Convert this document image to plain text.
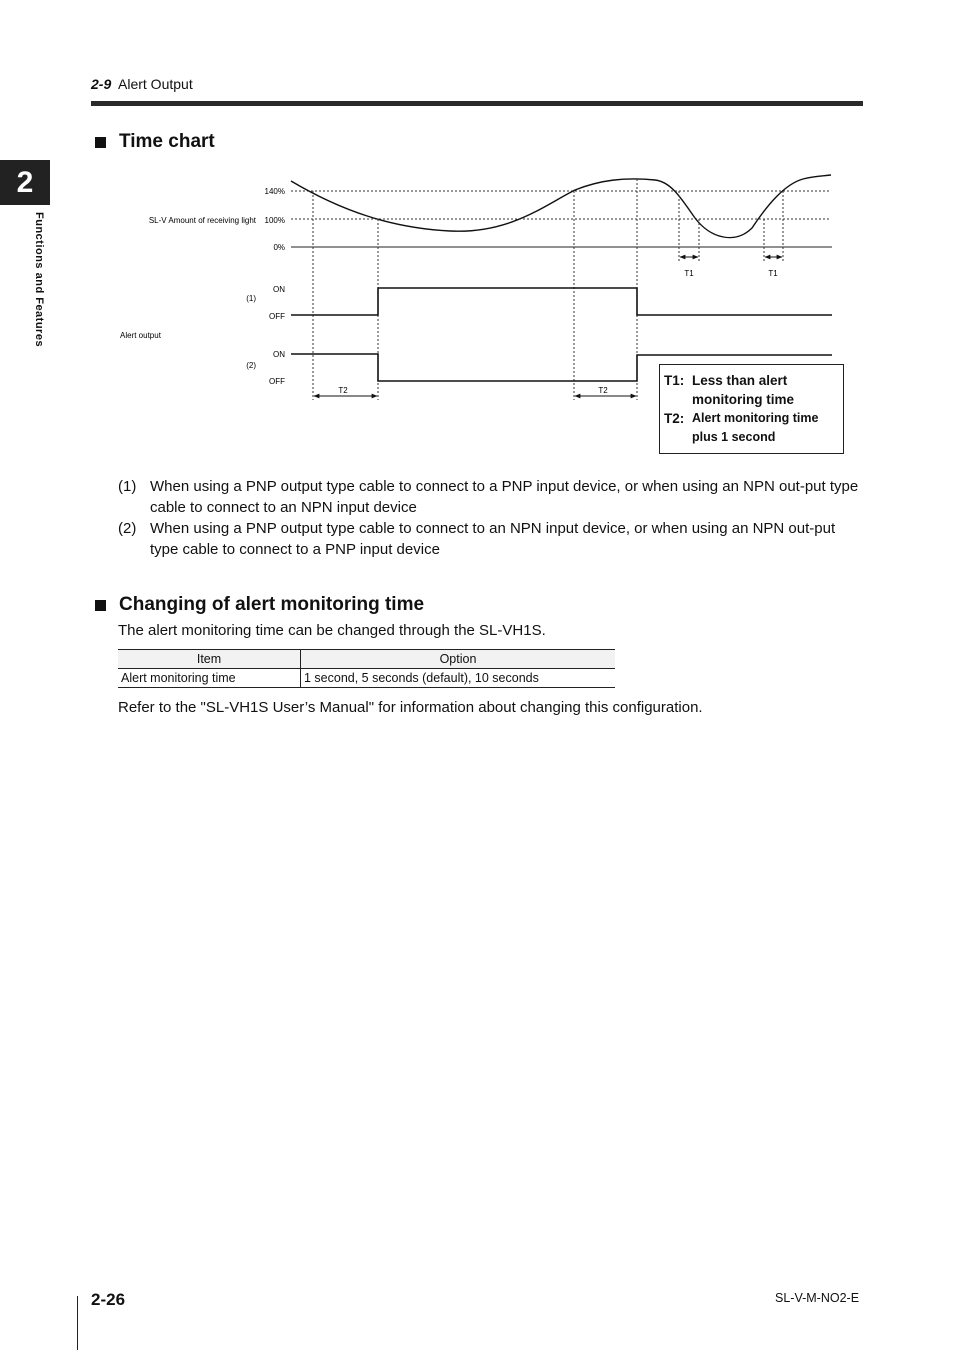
2-9 Alert Output
2
Functions and Features
Time chart
140%
100%
0%
SL-V Amount of receiving light
ON
OFF
(1)
Alert output
ON
OFF
(2)
T1	T1
T2	T2
T1: Less than alert
monitoring time
T2: Alert monitoring time
plus 1 second
(1) When using a PNP output type cable to connect to a PNP input device, or when using an NPN out-put type cable to connect to an NPN input device
(2) When using a PNP output type cable to connect to an NPN input device, or when using an NPN out-put type cable to connect to a PNP input device
Changing of alert monitoring time
The alert monitoring time can be changed through the SL-VH1S.
Item	Option
Alert monitoring time	1 second, 5 seconds (default), 10 seconds
Refer to the "SL-VH1S User’s Manual" for information about changing this configuration.
2-26	SL-V-M-NO2-E
